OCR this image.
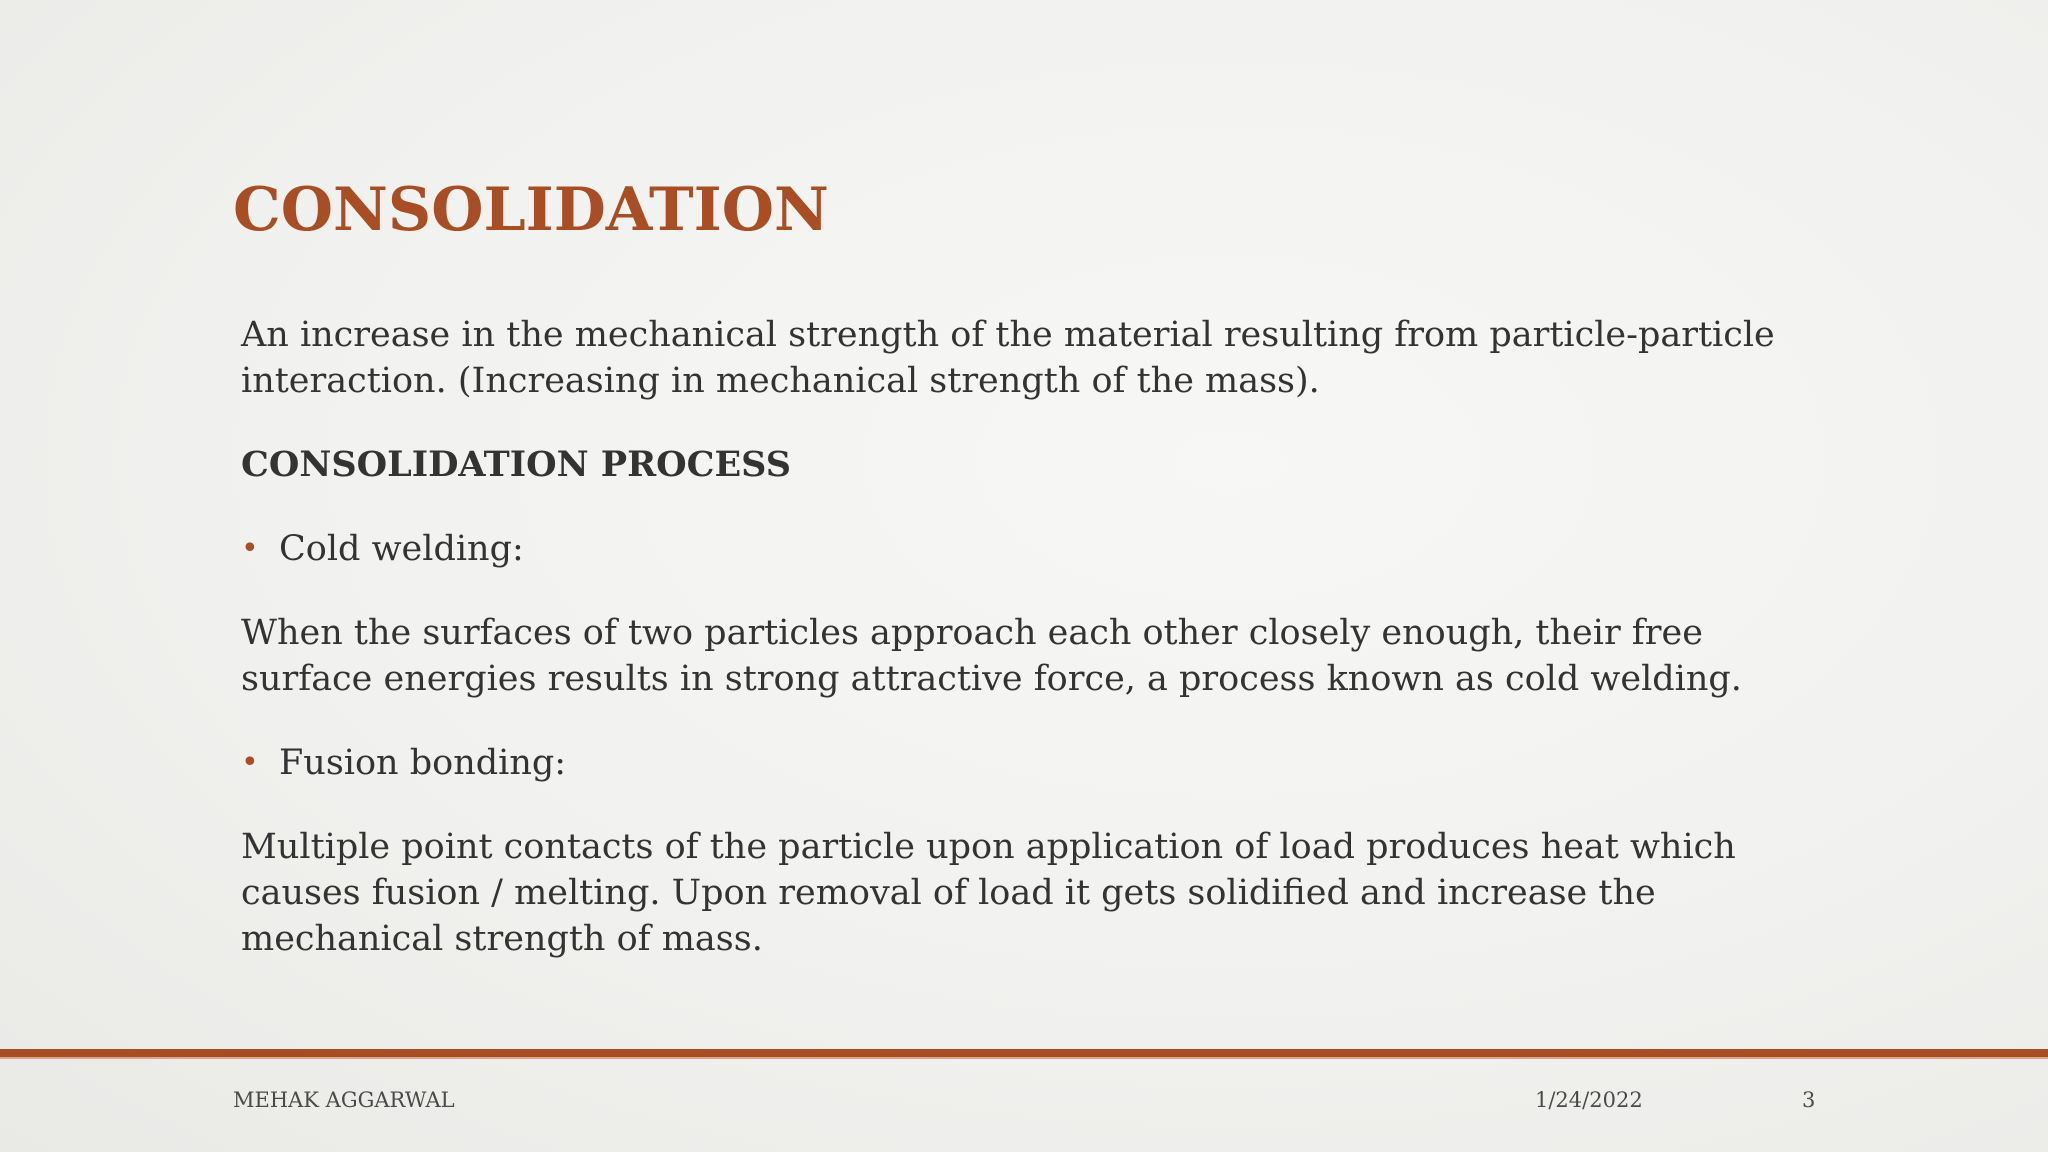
CONSOLIDATION

An increase in the mechanical strength of the material resulting from particle-particle interaction. (Increasing in mechanical strength of the mass).

CONSOLIDATION PROCESS

• Cold welding:

When the surfaces of two particles approach each other closely enough, their free surface energies results in strong attractive force, a process known as cold welding.

• Fusion bonding:

Multiple point contacts of the particle upon application of load produces heat which causes fusion / melting. Upon removal of load it gets solidified and increase the mechanical strength of mass.

MEHAK AGGARWAL	1/24/2022	3
